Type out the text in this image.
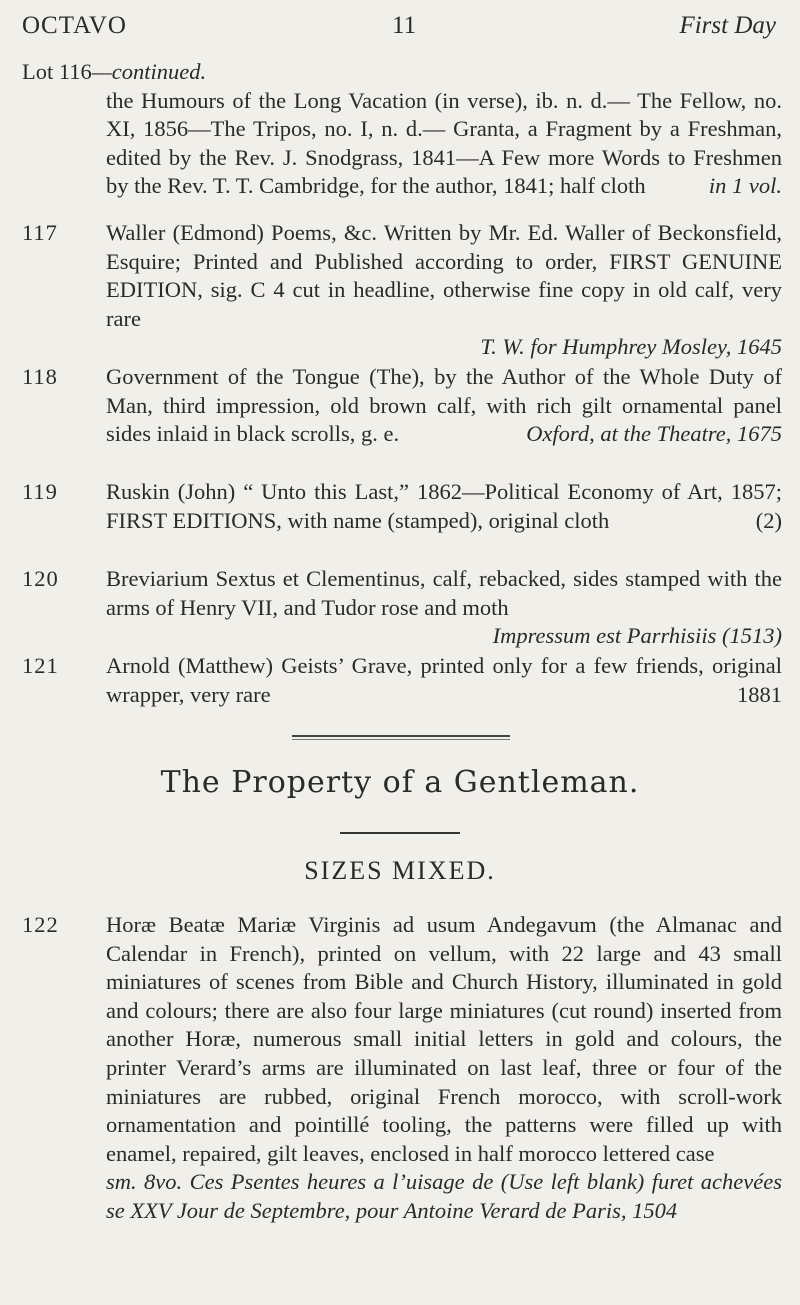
OCTAVO	11	First Day
Lot 116—continued.
the Humours of the Long Vacation (in verse), ib. n. d.— The Fellow, no. XI, 1856—The Tripos, no. I, n. d.— Granta, a Fragment by a Freshman, edited by the Rev. J. Snodgrass, 1841—A Few more Words to Freshmen by the Rev. T. T. Cambridge, for the author, 1841; half cloth	in 1 vol.
117	Waller (Edmond) Poems, &c. Written by Mr. Ed. Waller of Beckonsfield, Esquire; Printed and Published according to order, FIRST GENUINE EDITION, sig. C 4 cut in headline, otherwise fine copy in old calf, very rare
T. W. for Humphrey Mosley, 1645
118	Government of the Tongue (The), by the Author of the Whole Duty of Man, third impression, old brown calf, with rich gilt ornamental panel sides inlaid in black scrolls, g. e.	Oxford, at the Theatre, 1675
119	Ruskin (John) “ Unto this Last,” 1862—Political Economy of Art, 1857; FIRST EDITIONS, with name (stamped), original cloth	(2)
120	Breviarium Sextus et Clementinus, calf, rebacked, sides stamped with the arms of Henry VII, and Tudor rose and moth
Impressum est Parrhisiis (1513)
121	Arnold (Matthew) Geists’ Grave, printed only for a few friends, original wrapper, very rare	1881
The Property of a Gentleman.
SIZES MIXED.
122	Horæ Beatæ Mariæ Virginis ad usum Andegavum (the Almanac and Calendar in French), printed on vellum, with 22 large and 43 small miniatures of scenes from Bible and Church History, illuminated in gold and colours; there are also four large miniatures (cut round) inserted from another Horæ, numerous small initial letters in gold and colours, the printer Verard’s arms are illuminated on last leaf, three or four of the miniatures are rubbed, original French morocco, with scroll-work ornamentation and pointillé tooling, the patterns were filled up with enamel, repaired, gilt leaves, enclosed in half morocco lettered case
sm. 8vo. Ces Psentes heures a l’uisage de (Use left blank) furet achevées se XXV Jour de Septembre, pour Antoine Verard de Paris, 1504
